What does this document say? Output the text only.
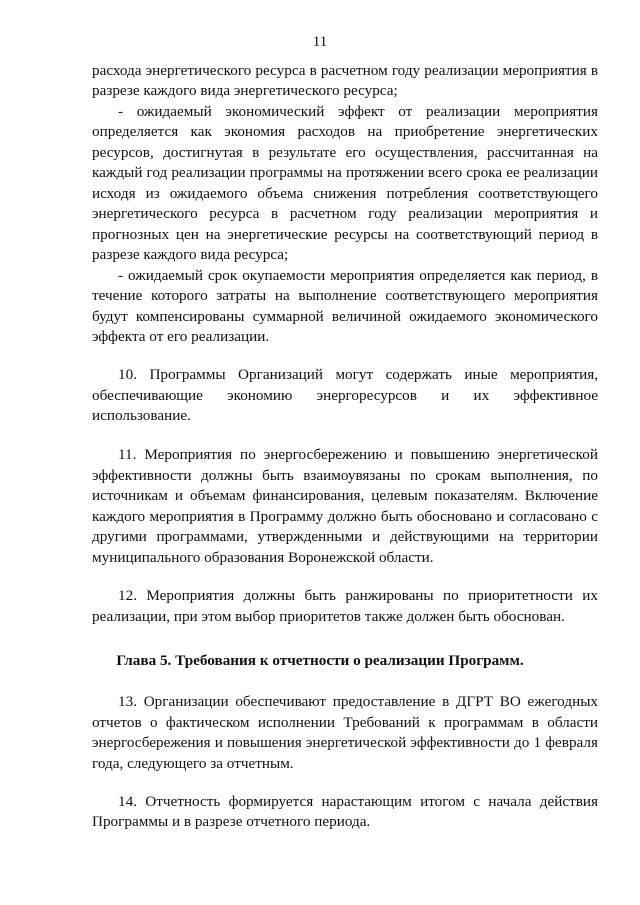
11
расхода энергетического ресурса в расчетном году реализации мероприятия в
разрезе каждого вида энергетического ресурса;
- ожидаемый экономический эффект от реализации мероприятия
определяется как экономия расходов на приобретение энергетических
ресурсов, достигнутая в результате его осуществления, рассчитанная на
каждый год реализации программы на протяжении всего срока ее реализации
исходя из ожидаемого объема снижения потребления соответствующего
энергетического ресурса в расчетном году реализации мероприятия и
прогнозных цен на энергетические ресурсы на соответствующий период в
разрезе каждого вида ресурса;
- ожидаемый срок окупаемости мероприятия определяется как период, в
течение которого затраты на выполнение соответствующего мероприятия
будут компенсированы суммарной величиной ожидаемого экономического
эффекта от его реализации.
10. Программы Организаций могут содержать иные мероприятия,
обеспечивающие экономию энергоресурсов и их эффективное
использование.
11. Мероприятия по энергосбережению и повышению энергетической
эффективности должны быть взаимоувязаны по срокам выполнения, по
источникам и объемам финансирования, целевым показателям. Включение
каждого мероприятия в Программу должно быть обосновано и согласовано с
другими программами, утвержденными и действующими на территории
муниципального образования Воронежской области.
12. Мероприятия должны быть ранжированы по приоритетности их
реализации, при этом выбор приоритетов также должен быть обоснован.
Глава 5. Требования к отчетности о реализации Программ.
13. Организации обеспечивают предоставление в ДГРТ ВО ежегодных
отчетов о фактическом исполнении Требований к программам в области
энергосбережения и повышения энергетической эффективности до 1 февраля
года, следующего за отчетным.
14. Отчетность формируется нарастающим итогом с начала действия
Программы и в разрезе отчетного периода.
